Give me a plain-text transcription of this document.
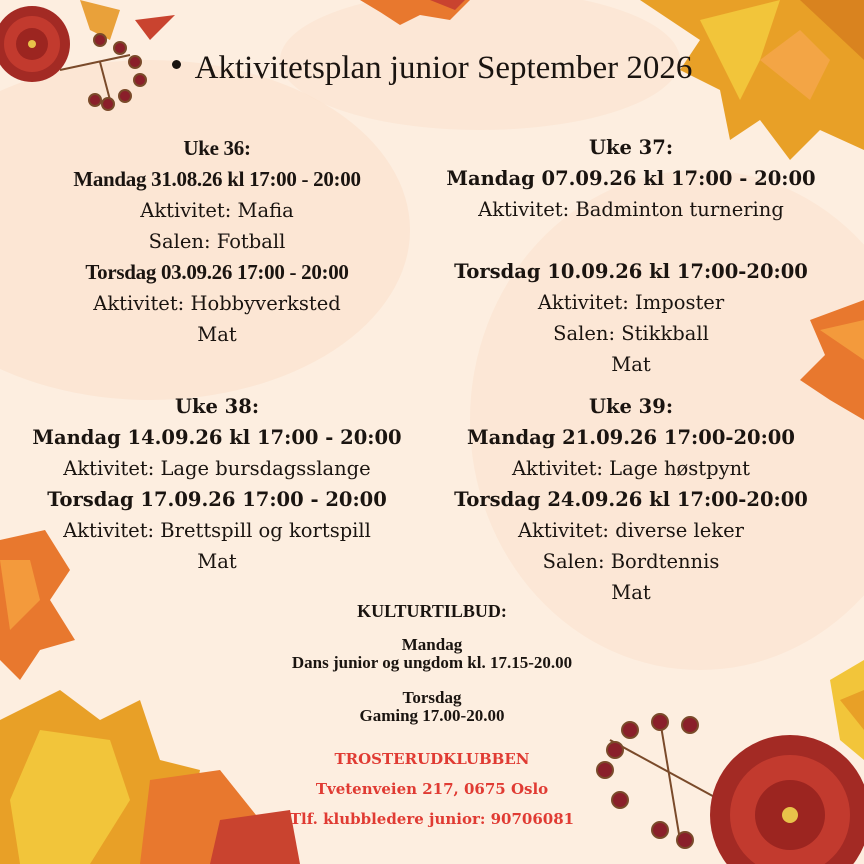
Aktivitetsplan junior September 2026
Uke 36:
Mandag 31.08.26 kl 17:00 - 20:00
Aktivitet: Mafia
Salen: Fotball
Torsdag 03.09.26 17:00 - 20:00
Aktivitet: Hobbyverksted
Mat
Uke 37:
Mandag 07.09.26 kl 17:00 - 20:00
Aktivitet: Badminton turnering

Torsdag 10.09.26 kl 17:00-20:00
Aktivitet: Imposter
Salen: Stikkball
Mat
Uke 38:
Mandag 14.09.26 kl 17:00 - 20:00
Aktivitet: Lage bursdagsslange
Torsdag 17.09.26 17:00 - 20:00
Aktivitet: Brettspill og kortspill
Mat
Uke 39:
Mandag 21.09.26 17:00-20:00
Aktivitet: Lage høstpynt
Torsdag 24.09.26 kl 17:00-20:00
Aktivitet: diverse leker
Salen: Bordtennis
Mat
KULTURTILBUD:
Mandag
Dans junior og ungdom kl. 17.15-20.00
Torsdag
Gaming 17.00-20.00
TROSTERUDKLUBBEN
Tvetenveien 217, 0675 Oslo
Tlf. klubbledere junior: 90706081
